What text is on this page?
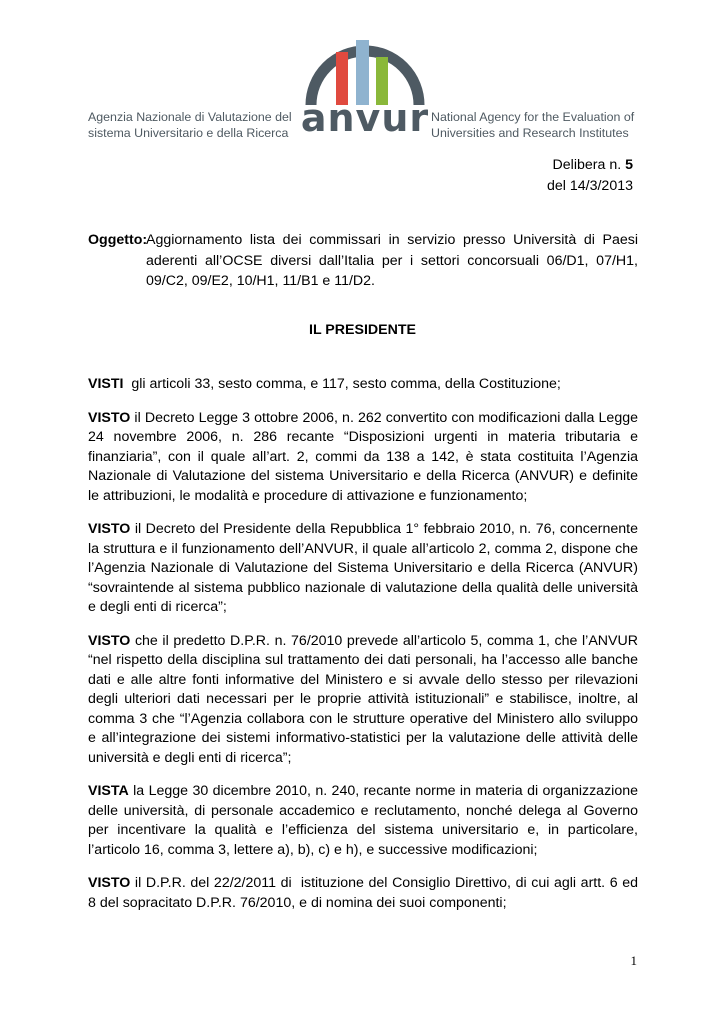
Agenzia Nazionale di Valutazione del
sistema Universitario e della Ricerca anvur National Agency for the Evaluation of
Universities and Research Institutes
Delibera n. 5
del 14/3/2013
Oggetto:
Aggiornamento lista dei commissari in servizio presso Università di Paesi aderenti all’OCSE diversi dall’Italia per i settori concorsuali 06/D1, 07/H1, 09/C2, 09/E2, 10/H1, 11/B1 e 11/D2.
IL PRESIDENTE

VISTI  gli articoli 33, sesto comma, e 117, sesto comma, della Costituzione;

VISTO il Decreto Legge 3 ottobre 2006, n. 262 convertito con modificazioni dalla Legge 24 novembre 2006, n. 286 recante “Disposizioni urgenti in materia tributaria e finanziaria”, con il quale all’art. 2, commi da 138 a 142, è stata costituita l’Agenzia Nazionale di Valutazione del sistema Universitario e della Ricerca (ANVUR) e definite le attribuzioni, le modalità e procedure di attivazione e funzionamento;

VISTO il Decreto del Presidente della Repubblica 1° febbraio 2010, n. 76, concernente la struttura e il funzionamento dell’ANVUR, il quale all’articolo 2, comma 2, dispone che l’Agenzia Nazionale di Valutazione del Sistema Universitario e della Ricerca (ANVUR) “sovraintende al sistema pubblico nazionale di valutazione della qualità delle università e degli enti di ricerca”;

VISTO che il predetto D.P.R. n. 76/2010 prevede all’articolo 5, comma 1, che l’ANVUR “nel rispetto della disciplina sul trattamento dei dati personali, ha l’accesso alle banche dati e alle altre fonti informative del Ministero e si avvale dello stesso per rilevazioni degli ulteriori dati necessari per le proprie attività istituzionali” e stabilisce, inoltre, al comma 3 che “l’Agenzia collabora con le strutture operative del Ministero allo sviluppo e all’integrazione dei sistemi informativo-statistici per la valutazione delle attività delle università e degli enti di ricerca”;

VISTA la Legge 30 dicembre 2010, n. 240, recante norme in materia di organizzazione delle università, di personale accademico e reclutamento, nonché delega al Governo per incentivare la qualità e l’efficienza del sistema universitario e, in particolare, l’articolo 16, comma 3, lettere a), b), c) e h), e successive modificazioni;

VISTO il D.P.R. del 22/2/2011 di  istituzione del Consiglio Direttivo, di cui agli artt. 6 ed 8 del sopracitato D.P.R. 76/2010, e di nomina dei suoi componenti;

1
